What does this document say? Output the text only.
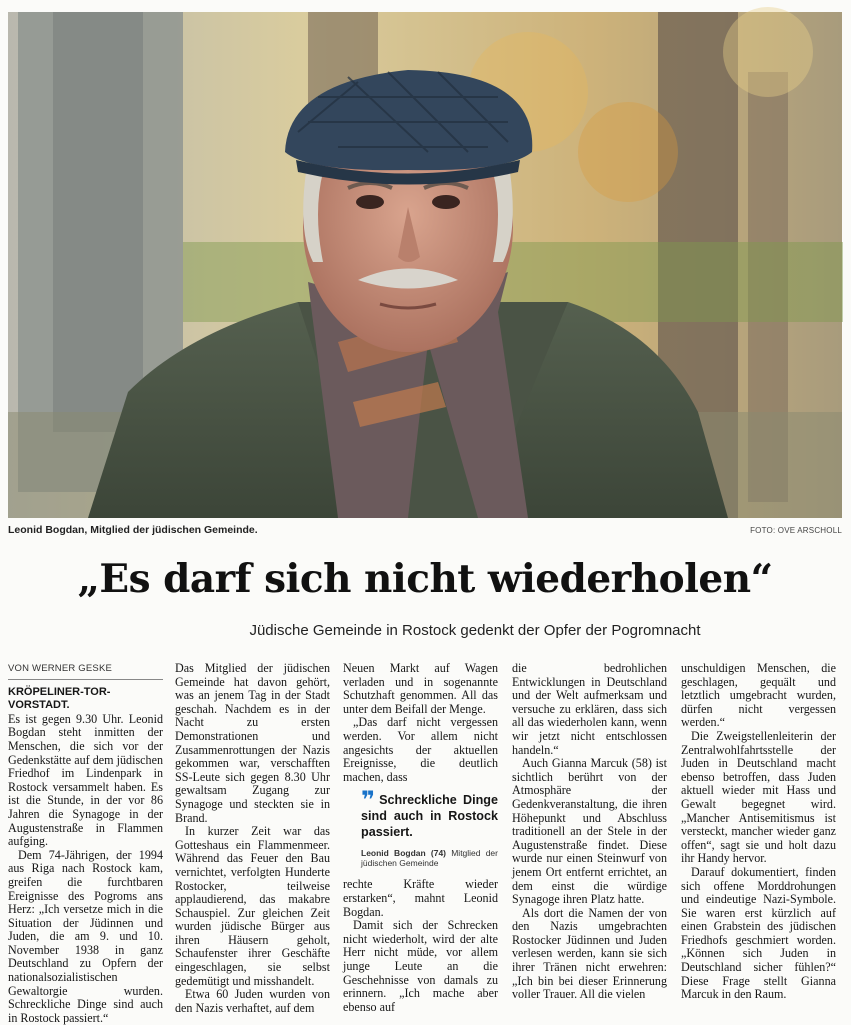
Leonid Bogdan, Mitglied der jüdischen Gemeinde.	FOTO: OVE ARSCHOLL
„Es darf sich nicht wiederholen“
Jüdische Gemeinde in Rostock gedenkt der Opfer der Pogromnacht
VON WERNER GESKE
KRÖPELINER-TOR-VORSTADT.

Es ist gegen 9.30 Uhr. Leonid Bogdan steht inmitten der Menschen, die sich vor der Gedenkstätte auf dem jüdischen Friedhof im Lindenpark in Rostock versammelt haben. Es ist die Stunde, in der vor 86 Jahren die Synagoge in der Augustenstraße in Flammen aufging.

Dem 74-Jährigen, der 1994 aus Riga nach Rostock kam, greifen die furchtbaren Ereignisse des Pogroms ans Herz: „Ich versetze mich in die Situation der Jüdinnen und Juden, die am 9. und 10. November 1938 in ganz Deutschland zu Opfern der nationalsozialistischen Gewaltorgie wurden. Schreckliche Dinge sind auch in Rostock passiert.“

Das Mitglied der jüdischen Gemeinde hat davon gehört, was an jenem Tag in der Stadt geschah. Nachdem es in der Nacht zu ersten Demonstrationen und Zusammenrottungen der Nazis gekommen war, verschafften SS-Leute sich gegen 8.30 Uhr gewaltsam Zugang zur Synagoge und steckten sie in Brand.

In kurzer Zeit war das Gotteshaus ein Flammenmeer. Während das Feuer den Bau vernichtet, verfolgten Hunderte Rostocker, teilweise applaudierend, das makabre Schauspiel. Zur gleichen Zeit wurden jüdische Bürger aus ihren Häusern geholt, Schaufenster ihrer Geschäfte eingeschlagen, sie selbst gedemütigt und misshandelt.

Etwa 60 Juden wurden von den Nazis verhaftet, auf dem

Neuen Markt auf Wagen verladen und in sogenannte Schutzhaft genommen. All das unter dem Beifall der Menge.

„Das darf nicht vergessen werden. Vor allem nicht angesichts der aktuellen Ereignisse, die deutlich machen, dass

❞ Schreckliche Dinge sind auch in Rostock passiert.
Leonid Bogdan (74) Mitglied der jüdischen Gemeinde

rechte Kräfte wieder erstarken“, mahnt Leonid Bogdan.

Damit sich der Schrecken nicht wiederholt, wird der alte Herr nicht müde, vor allem junge Leute an die Geschehnisse von damals zu erinnern. „Ich mache aber ebenso auf

die bedrohlichen Entwicklungen in Deutschland und der Welt aufmerksam und versuche zu erklären, dass sich all das wiederholen kann, wenn wir jetzt nicht entschlossen handeln.“

Auch Gianna Marcuk (58) ist sichtlich berührt von der Atmosphäre der Gedenkveranstaltung, die ihren Höhepunkt und Abschluss traditionell an der Stele in der Augustenstraße findet. Diese wurde nur einen Steinwurf von jenem Ort entfernt errichtet, an dem einst die würdige Synagoge ihren Platz hatte.

Als dort die Namen der von den Nazis umgebrachten Rostocker Jüdinnen und Juden verlesen werden, kann sie sich ihrer Tränen nicht erwehren: „Ich bin bei dieser Erinnerung voller Trauer. All die vielen

unschuldigen Menschen, die geschlagen, gequält und letztlich umgebracht wurden, dürfen nicht vergessen werden.“

Die Zweigstellenleiterin der Zentralwohlfahrtsstelle der Juden in Deutschland macht ebenso betroffen, dass Juden aktuell wieder mit Hass und Gewalt begegnet wird. „Mancher Antisemitismus ist versteckt, mancher wieder ganz offen“, sagt sie und holt dazu ihr Handy hervor.

Darauf dokumentiert, finden sich offene Morddrohungen und eindeutige Nazi-Symbole. Sie waren erst kürzlich auf einen Grabstein des jüdischen Friedhofs geschmiert worden. „Können sich Juden in Deutschland sicher fühlen?“ Diese Frage stellt Gianna Marcuk in den Raum.
